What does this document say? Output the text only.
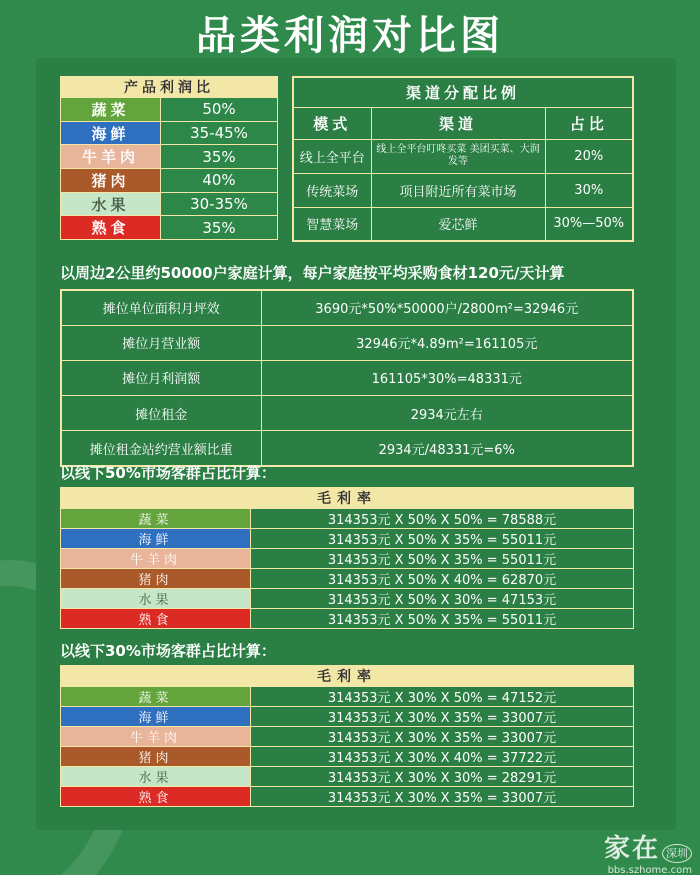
品类利润对比图
产品利润比	
蔬菜	50%
海鲜	35-45%
牛羊肉	35%
猪肉	40%
水果	30-35%
熟食	35%
渠道分配比例		
模式	渠道	占比
线上全平台	线上全平台叮咚买菜 美团买菜、大润发等	20%
传统菜场	项目附近所有菜市场	30%
智慧菜场	爱芯鲜	30%—50%
以周边2公里约50000户家庭计算，每户家庭按平均采购食材120元/天计算
摊位单位面积月坪效	3690元*50%*50000户/2800m²=32946元
摊位月营业额	32946元*4.89m²=161105元
摊位月利润额	161105*30%=48331元
摊位租金	2934元左右
摊位租金站约营业额比重	2934元/48331元=6%
以线下50%市场客群占比计算：
毛利率	
蔬菜	314353元 X 50% X 50% = 78588元
海鲜	314353元 X 50% X 35% = 55011元
牛羊肉	314353元 X 50% X 35% = 55011元
猪肉	314353元 X 50% X 40% = 62870元
水果	314353元 X 50% X 30% = 47153元
熟食	314353元 X 50% X 35% = 55011元
以线下30%市场客群占比计算：
毛利率	
蔬菜	314353元 X 30% X 50% = 47152元
海鲜	314353元 X 30% X 35% = 33007元
牛羊肉	314353元 X 30% X 35% = 33007元
猪肉	314353元 X 30% X 40% = 37722元
水果	314353元 X 30% X 30% = 28291元
熟食	314353元 X 30% X 35% = 33007元
家在 深圳
bbs.szhome.com
